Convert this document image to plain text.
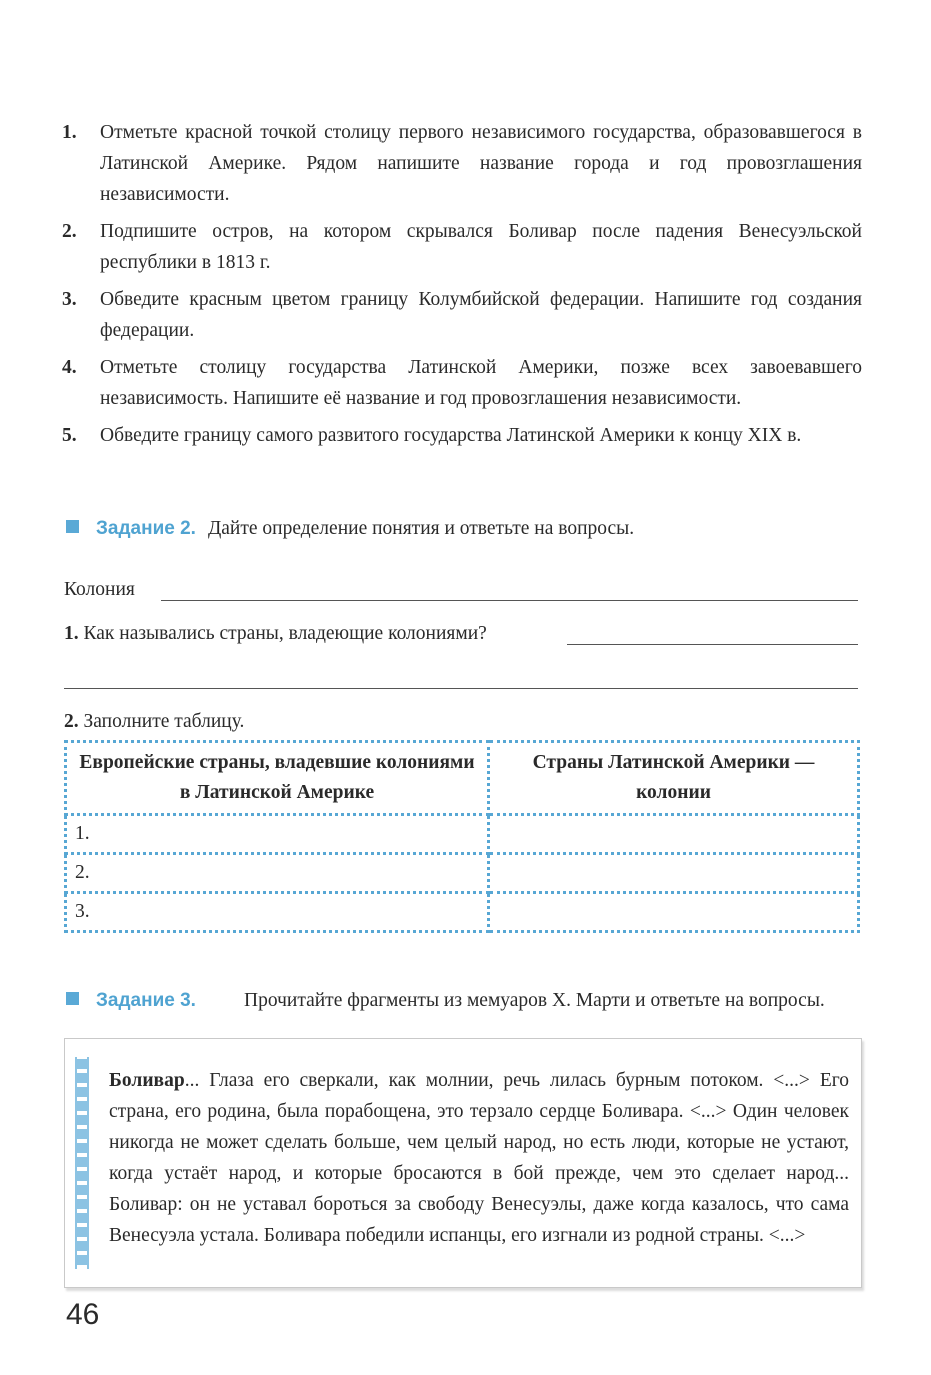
1. Отметьте красной точкой столицу первого независимого государства, образовавшегося в Латинской Америке. Рядом напишите название города и год провозглашения независимости.
2. Подпишите остров, на котором скрывался Боливар после падения Венесуэльской республики в 1813 г.
3. Обведите красным цветом границу Колумбийской федерации. Напишите год создания федерации.
4. Отметьте столицу государства Латинской Америки, позже всех завоевавшего независимость. Напишите её название и год провозглашения независимости.
5. Обведите границу самого развитого государства Латинской Америки к концу XIX в.
Задание 2. Дайте определение понятия и ответьте на вопросы.
Колония
1. Как назывались страны, владеющие колониями?
2. Заполните таблицу.
Европейские страны, владевшие колониями в Латинской Америке	Страны Латинской Америки — колонии
1.	
2.	
3.	
Задание 3. Прочитайте фрагменты из мемуаров Х. Марти и ответьте на вопросы.
Боливар... Глаза его сверкали, как молнии, речь лилась бурным потоком. <...> Его страна, его родина, была порабощена, это терзало сердце Боливара. <...> Один человек никогда не может сделать больше, чем целый народ, но есть люди, которые не устают, когда устаёт народ, и которые бросаются в бой прежде, чем это сделает народ... Боливар: он не уставал бороться за свободу Венесуэлы, даже когда казалось, что сама Венесуэла устала. Боливара победили испанцы, его изгнали из родной страны. <...>
46
